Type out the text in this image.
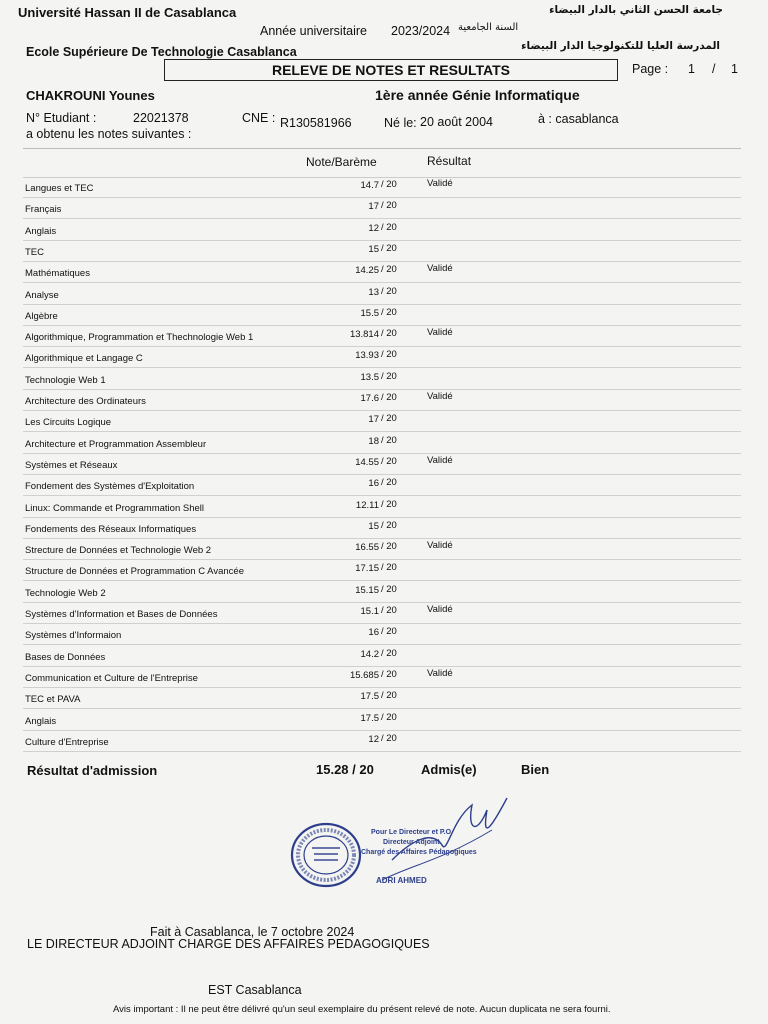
Université Hassan II de Casablanca	جامعة الحسن الثاني بالدار البيضاء
Année universitaire 2023/2024 السنة الجامعية
Ecole Supérieure De Technologie Casablanca	المدرسة العليا للتكنولوجيا الدار البيضاء
RELEVE DE NOTES ET RESULTATS	Page : 1 / 1
CHAKROUNI Younes	1ère année Génie Informatique
N° Etudiant :	22021378	CNE : R130581966	Né le: 20 août 2004	à : casablanca
a obtenu les notes suivantes :
Note/Barème	Résultat
Langues et TEC	14.7 / 20	Validé
Français	17 / 20
Anglais	12 / 20
TEC	15 / 20
Mathématiques	14.25 / 20	Validé
Analyse	13 / 20
Algèbre	15.5 / 20
Algorithmique, Programmation et Thechnologie Web 1	13.814 / 20	Validé
Algorithmique et Langage C	13.93 / 20
Technologie Web 1	13.5 / 20
Architecture des Ordinateurs	17.6 / 20	Validé
Les Circuits Logique	17 / 20
Architecture et Programmation Assembleur	18 / 20
Systèmes et Réseaux	14.55 / 20	Validé
Fondement des Systèmes d'Exploitation	16 / 20
Linux: Commande et Programmation Shell	12.11 / 20
Fondements des Réseaux Informatiques	15 / 20
Strecture de Données et Technologie Web 2	16.55 / 20	Validé
Structure de Données et Programmation C Avancée	17.15 / 20
Technologie Web 2	15.15 / 20
Systèmes d'Information et Bases de Données	15.1 / 20	Validé
Systèmes d'Informaion	16 / 20
Bases de Données	14.2 / 20
Communication et Culture de l'Entreprise	15.685 / 20	Validé
TEC et PAVA	17.5 / 20
Anglais	17.5 / 20
Culture d'Entreprise	12 / 20
Résultat d'admission	15.28 / 20	Admis(e)	Bien
Pour Le Directeur et P.O
Directeur Adjoint
Chargé des Affaires Pédagogiques
ADRI AHMED
Fait à Casablanca, le 7 octobre 2024
LE DIRECTEUR ADJOINT CHARGE DES AFFAIRES PEDAGOGIQUES
EST Casablanca
Avis important : Il ne peut être délivré qu'un seul exemplaire du présent relevé de note. Aucun duplicata ne sera fourni.
